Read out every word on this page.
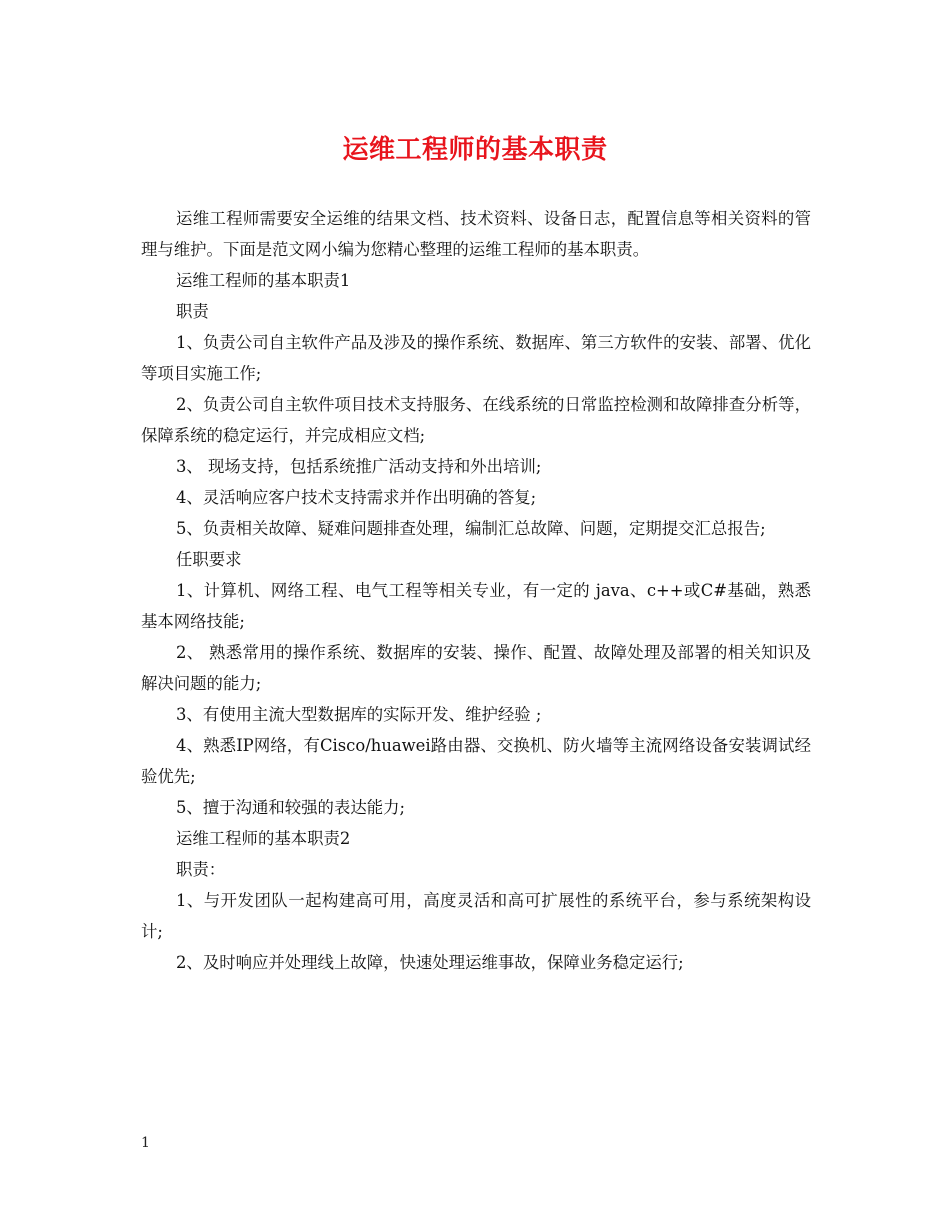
运维工程师的基本职责

运维工程师需要安全运维的结果文档、技术资料、设备日志，配置信息等相关资料的管理与维护。下面是范文网小编为您精心整理的运维工程师的基本职责。

运维工程师的基本职责1

职责

1、负责公司自主软件产品及涉及的操作系统、数据库、第三方软件的安装、部署、优化等项目实施工作;

2、负责公司自主软件项目技术支持服务、在线系统的日常监控检测和故障排查分析等，保障系统的稳定运行，并完成相应文档;

3、 现场支持，包括系统推广活动支持和外出培训;

4、灵活响应客户技术支持需求并作出明确的答复;

5、负责相关故障、疑难问题排查处理，编制汇总故障、问题，定期提交汇总报告;

任职要求

1、计算机、网络工程、电气工程等相关专业，有一定的 java、c++或C#基础，熟悉基本网络技能;

2、 熟悉常用的操作系统、数据库的安装、操作、配置、故障处理及部署的相关知识及解决问题的能力;

3、有使用主流大型数据库的实际开发、维护经验 ;

4、熟悉IP网络，有Cisco/huawei路由器、交换机、防火墙等主流网络设备安装调试经验优先;

5、擅于沟通和较强的表达能力;

运维工程师的基本职责2

职责：

1、与开发团队一起构建高可用，高度灵活和高可扩展性的系统平台，参与系统架构设计;

2、及时响应并处理线上故障，快速处理运维事故，保障业务稳定运行;

1
